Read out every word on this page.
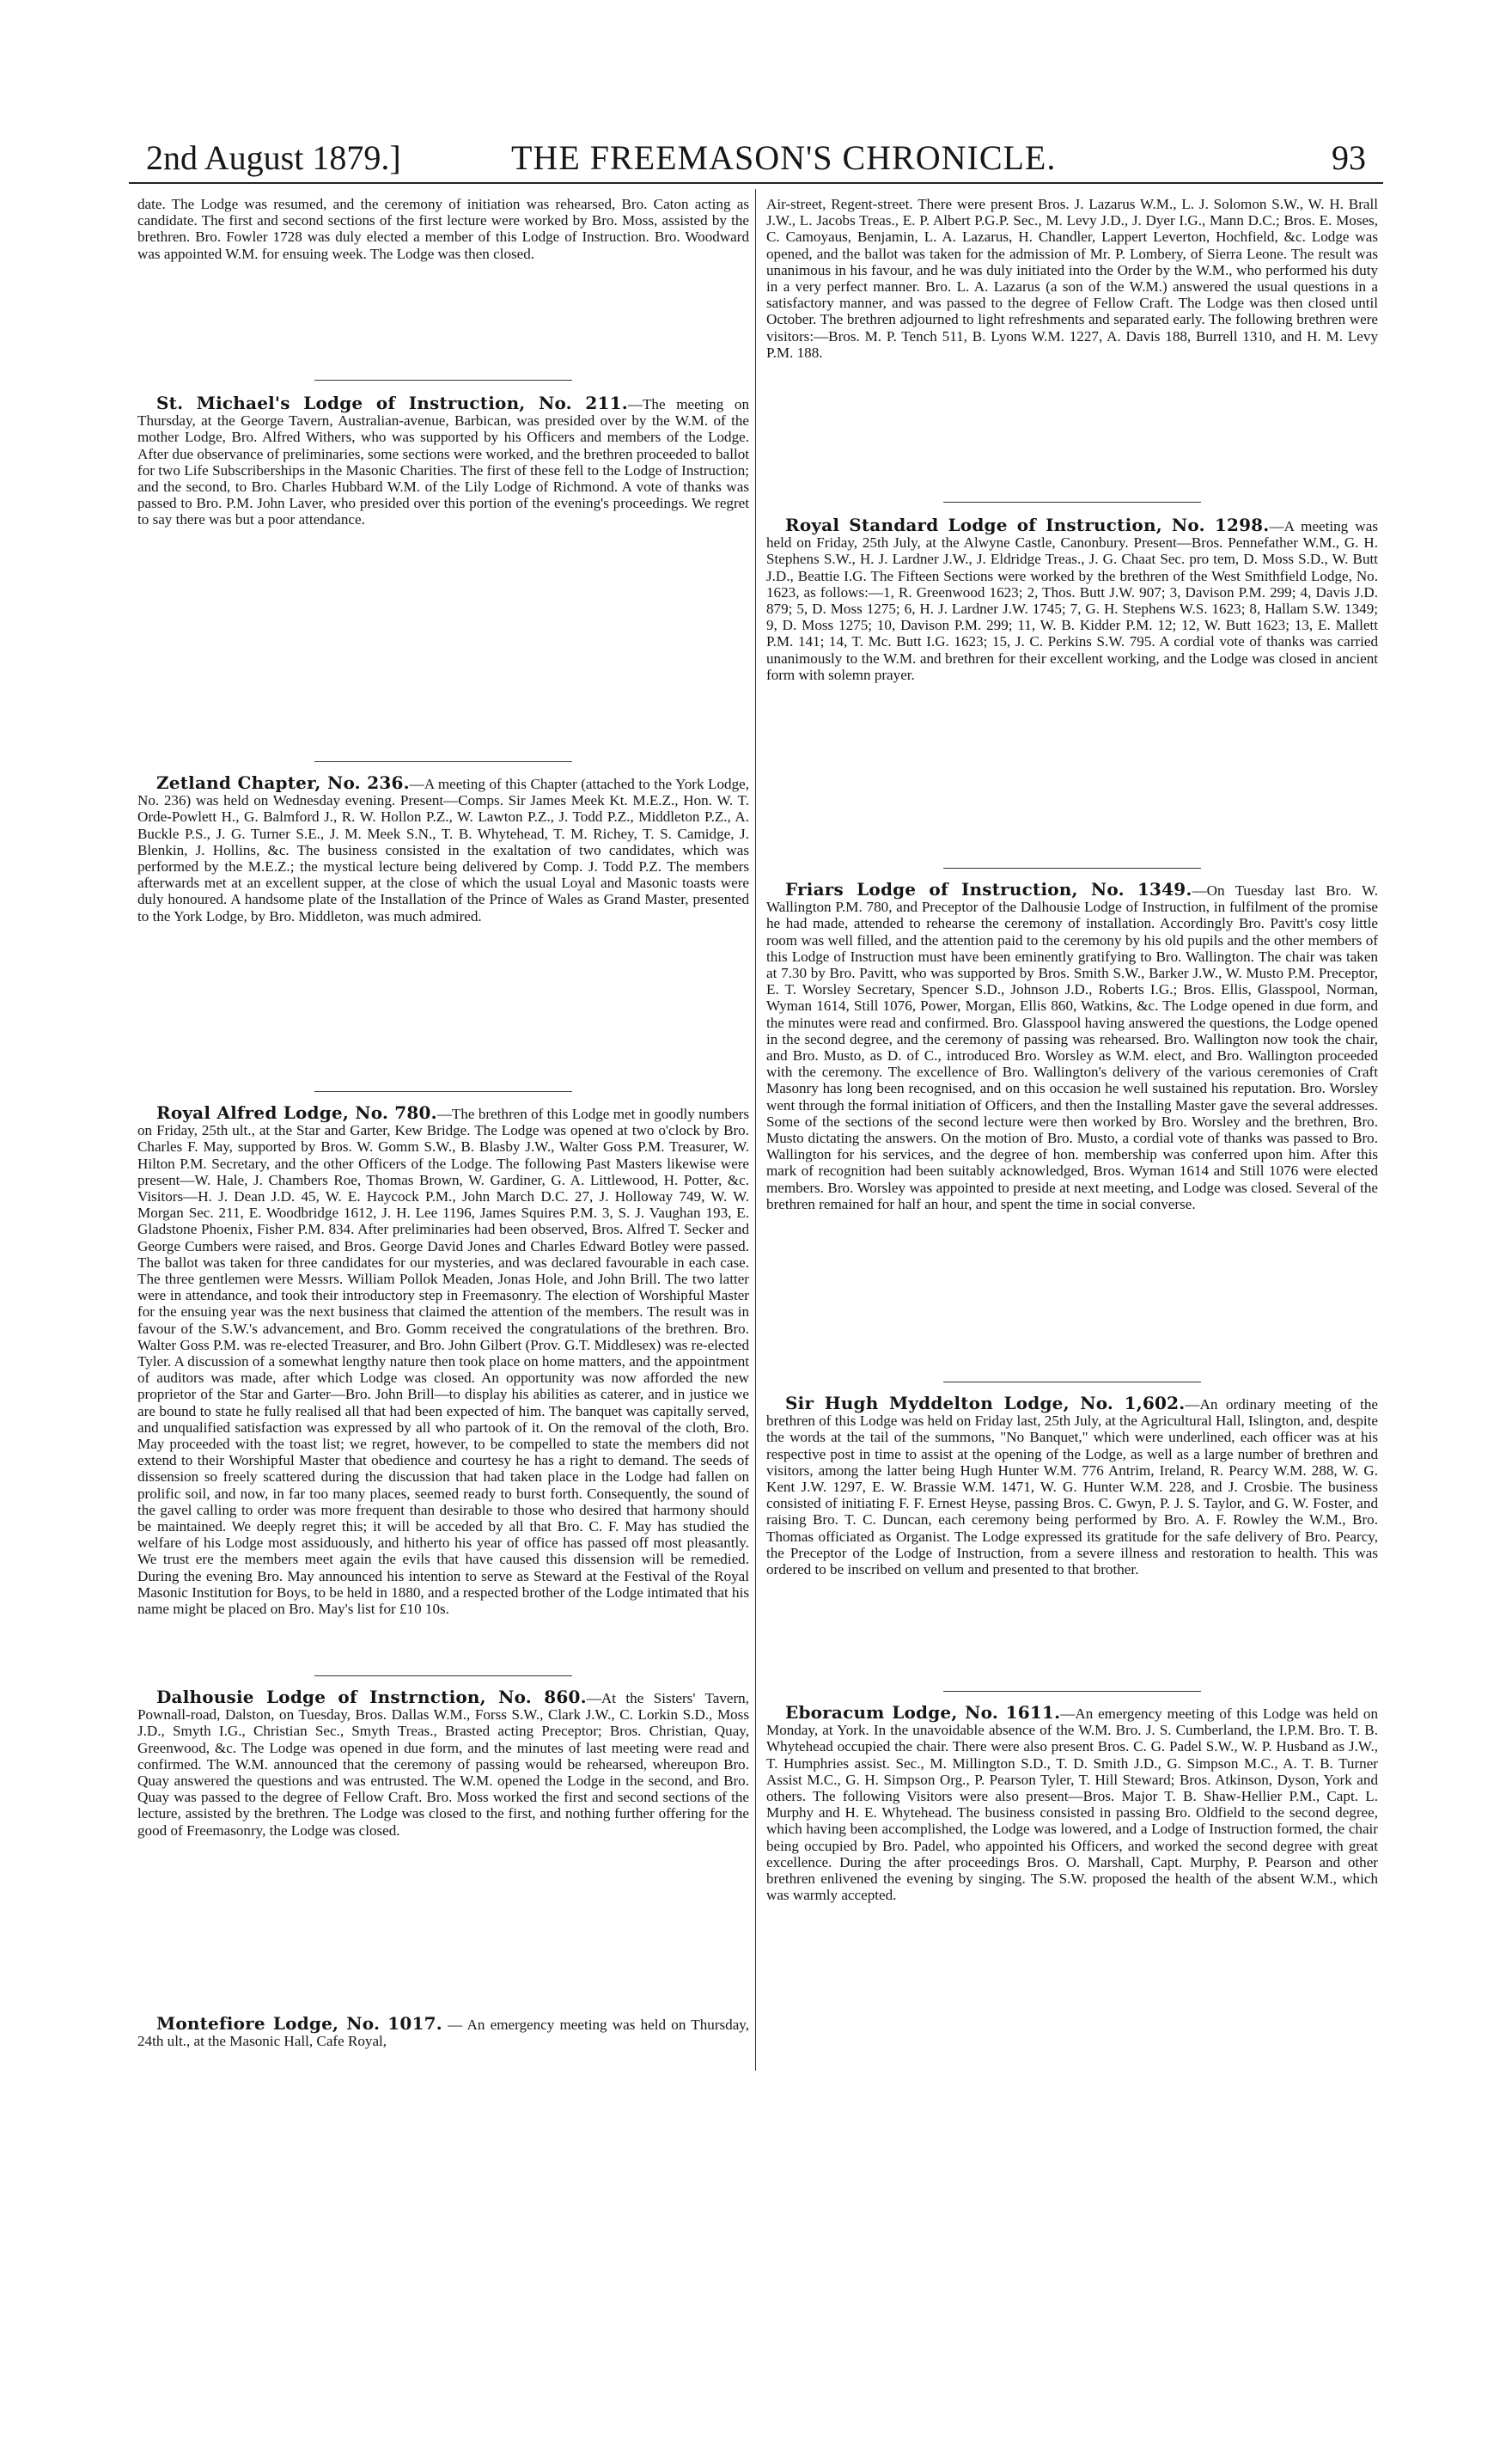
2nd August 1879.]	THE FREEMASON'S CHRONICLE.	93

date. The Lodge was resumed, and the ceremony of initiation was rehearsed, Bro. Caton acting as candidate. The first and second sections of the first lecture were worked by Bro. Moss, assisted by the brethren. Bro. Fowler 1728 was duly elected a member of this Lodge of Instruction. Bro. Woodward was appointed W.M. for ensuing week. The Lodge was then closed.

St. Michael's Lodge of Instruction, No. 211.—The meeting on Thursday, at the George Tavern, Australian-avenue, Barbican, was presided over by the W.M. of the mother Lodge, Bro. Alfred Withers, who was supported by his Officers and members of the Lodge. After due observance of preliminaries, some sections were worked, and the brethren proceeded to ballot for two Life Subscriberships in the Masonic Charities. The first of these fell to the Lodge of Instruction; and the second, to Bro. Charles Hubbard W.M. of the Lily Lodge of Richmond. A vote of thanks was passed to Bro. P.M. John Laver, who presided over this portion of the evening's proceedings. We regret to say there was but a poor attendance.

Zetland Chapter, No. 236.—A meeting of this Chapter (attached to the York Lodge, No. 236) was held on Wednesday evening. Present—Comps. Sir James Meek Kt. M.E.Z., Hon. W. T. Orde-Powlett H., G. Balmford J., R. W. Hollon P.Z., W. Lawton P.Z., J. Todd P.Z., Middleton P.Z., A. Buckle P.S., J. G. Turner S.E., J. M. Meek S.N., T. B. Whytehead, T. M. Richey, T. S. Camidge, J. Blenkin, J. Hollins, &c. The business consisted in the exaltation of two candidates, which was performed by the M.E.Z.; the mystical lecture being delivered by Comp. J. Todd P.Z. The members afterwards met at an excellent supper, at the close of which the usual Loyal and Masonic toasts were duly honoured. A handsome plate of the Installation of the Prince of Wales as Grand Master, presented to the York Lodge, by Bro. Middleton, was much admired.

Royal Alfred Lodge, No. 780.—The brethren of this Lodge met in goodly numbers on Friday, 25th ult., at the Star and Garter, Kew Bridge. The Lodge was opened at two o'clock by Bro. Charles F. May, supported by Bros. W. Gomm S.W., B. Blasby J.W., Walter Goss P.M. Treasurer, W. Hilton P.M. Secretary, and the other Officers of the Lodge. The following Past Masters likewise were present—W. Hale, J. Chambers Roe, Thomas Brown, W. Gardiner, G. A. Littlewood, H. Potter, &c. Visitors—H. J. Dean J.D. 45, W. E. Haycock P.M., John March D.C. 27, J. Holloway 749, W. W. Morgan Sec. 211, E. Woodbridge 1612, J. H. Lee 1196, James Squires P.M. 3, S. J. Vaughan 193, E. Gladstone Phoenix, Fisher P.M. 834. After preliminaries had been observed, Bros. Alfred T. Secker and George Cumbers were raised, and Bros. George David Jones and Charles Edward Botley were passed. The ballot was taken for three candidates for our mysteries, and was declared favourable in each case. The three gentlemen were Messrs. William Pollok Meaden, Jonas Hole, and John Brill. The two latter were in attendance, and took their introductory step in Freemasonry. The election of Worshipful Master for the ensuing year was the next business that claimed the attention of the members. The result was in favour of the S.W.'s advancement, and Bro. Gomm received the congratulations of the brethren. Bro. Walter Goss P.M. was re-elected Treasurer, and Bro. John Gilbert (Prov. G.T. Middlesex) was re-elected Tyler. A discussion of a somewhat lengthy nature then took place on home matters, and the appointment of auditors was made, after which Lodge was closed. An opportunity was now afforded the new proprietor of the Star and Garter—Bro. John Brill—to display his abilities as caterer, and in justice we are bound to state he fully realised all that had been expected of him. The banquet was capitally served, and unqualified satisfaction was expressed by all who partook of it. On the removal of the cloth, Bro. May proceeded with the toast list; we regret, however, to be compelled to state the members did not extend to their Worshipful Master that obedience and courtesy he has a right to demand. The seeds of dissension so freely scattered during the discussion that had taken place in the Lodge had fallen on prolific soil, and now, in far too many places, seemed ready to burst forth. Consequently, the sound of the gavel calling to order was more frequent than desirable to those who desired that harmony should be maintained. We deeply regret this; it will be acceded by all that Bro. C. F. May has studied the welfare of his Lodge most assiduously, and hitherto his year of office has passed off most pleasantly. We trust ere the members meet again the evils that have caused this dissension will be remedied. During the evening Bro. May announced his intention to serve as Steward at the Festival of the Royal Masonic Institution for Boys, to be held in 1880, and a respected brother of the Lodge intimated that his name might be placed on Bro. May's list for £10 10s.

Dalhousie Lodge of Instrnction, No. 860.—At the Sisters' Tavern, Pownall-road, Dalston, on Tuesday, Bros. Dallas W.M., Forss S.W., Clark J.W., C. Lorkin S.D., Moss J.D., Smyth I.G., Christian Sec., Smyth Treas., Brasted acting Preceptor; Bros. Christian, Quay, Greenwood, &c. The Lodge was opened in due form, and the minutes of last meeting were read and confirmed. The W.M. announced that the ceremony of passing would be rehearsed, whereupon Bro. Quay answered the questions and was entrusted. The W.M. opened the Lodge in the second, and Bro. Quay was passed to the degree of Fellow Craft. Bro. Moss worked the first and second sections of the lecture, assisted by the brethren. The Lodge was closed to the first, and nothing further offering for the good of Freemasonry, the Lodge was closed.

Montefiore Lodge, No. 1017. — An emergency meeting was held on Thursday, 24th ult., at the Masonic Hall, Cafe Royal,

Air-street, Regent-street. There were present Bros. J. Lazarus W.M., L. J. Solomon S.W., W. H. Brall J.W., L. Jacobs Treas., E. P. Albert P.G.P. Sec., M. Levy J.D., J. Dyer I.G., Mann D.C.; Bros. E. Moses, C. Camoyaus, Benjamin, L. A. Lazarus, H. Chandler, Lappert Leverton, Hochfield, &c. Lodge was opened, and the ballot was taken for the admission of Mr. P. Lombery, of Sierra Leone. The result was unanimous in his favour, and he was duly initiated into the Order by the W.M., who performed his duty in a very perfect manner. Bro. L. A. Lazarus (a son of the W.M.) answered the usual questions in a satisfactory manner, and was passed to the degree of Fellow Craft. The Lodge was then closed until October. The brethren adjourned to light refreshments and separated early. The following brethren were visitors:—Bros. M. P. Tench 511, B. Lyons W.M. 1227, A. Davis 188, Burrell 1310, and H. M. Levy P.M. 188.

Royal Standard Lodge of Instruction, No. 1298.—A meeting was held on Friday, 25th July, at the Alwyne Castle, Canonbury. Present—Bros. Pennefather W.M., G. H. Stephens S.W., H. J. Lardner J.W., J. Eldridge Treas., J. G. Chaat Sec. pro tem, D. Moss S.D., W. Butt J.D., Beattie I.G. The Fifteen Sections were worked by the brethren of the West Smithfield Lodge, No. 1623, as follows:—1, R. Greenwood 1623; 2, Thos. Butt J.W. 907; 3, Davison P.M. 299; 4, Davis J.D. 879; 5, D. Moss 1275; 6, H. J. Lardner J.W. 1745; 7, G. H. Stephens W.S. 1623; 8, Hallam S.W. 1349; 9, D. Moss 1275; 10, Davison P.M. 299; 11, W. B. Kidder P.M. 12; 12, W. Butt 1623; 13, E. Mallett P.M. 141; 14, T. Mc. Butt I.G. 1623; 15, J. C. Perkins S.W. 795. A cordial vote of thanks was carried unanimously to the W.M. and brethren for their excellent working, and the Lodge was closed in ancient form with solemn prayer.

Friars Lodge of Instruction, No. 1349.—On Tuesday last Bro. W. Wallington P.M. 780, and Preceptor of the Dalhousie Lodge of Instruction, in fulfilment of the promise he had made, attended to rehearse the ceremony of installation. Accordingly Bro. Pavitt's cosy little room was well filled, and the attention paid to the ceremony by his old pupils and the other members of this Lodge of Instruction must have been eminently gratifying to Bro. Wallington. The chair was taken at 7.30 by Bro. Pavitt, who was supported by Bros. Smith S.W., Barker J.W., W. Musto P.M. Preceptor, E. T. Worsley Secretary, Spencer S.D., Johnson J.D., Roberts I.G.; Bros. Ellis, Glasspool, Norman, Wyman 1614, Still 1076, Power, Morgan, Ellis 860, Watkins, &c. The Lodge opened in due form, and the minutes were read and confirmed. Bro. Glasspool having answered the questions, the Lodge opened in the second degree, and the ceremony of passing was rehearsed. Bro. Wallington now took the chair, and Bro. Musto, as D. of C., introduced Bro. Worsley as W.M. elect, and Bro. Wallington proceeded with the ceremony. The excellence of Bro. Wallington's delivery of the various ceremonies of Craft Masonry has long been recognised, and on this occasion he well sustained his reputation. Bro. Worsley went through the formal initiation of Officers, and then the Installing Master gave the several addresses. Some of the sections of the second lecture were then worked by Bro. Worsley and the brethren, Bro. Musto dictating the answers. On the motion of Bro. Musto, a cordial vote of thanks was passed to Bro. Wallington for his services, and the degree of hon. membership was conferred upon him. After this mark of recognition had been suitably acknowledged, Bros. Wyman 1614 and Still 1076 were elected members. Bro. Worsley was appointed to preside at next meeting, and Lodge was closed. Several of the brethren remained for half an hour, and spent the time in social converse.

Sir Hugh Myddelton Lodge, No. 1,602.—An ordinary meeting of the brethren of this Lodge was held on Friday last, 25th July, at the Agricultural Hall, Islington, and, despite the words at the tail of the summons, "No Banquet," which were underlined, each officer was at his respective post in time to assist at the opening of the Lodge, as well as a large number of brethren and visitors, among the latter being Hugh Hunter W.M. 776 Antrim, Ireland, R. Pearcy W.M. 288, W. G. Kent J.W. 1297, E. W. Brassie W.M. 1471, W. G. Hunter W.M. 228, and J. Crosbie. The business consisted of initiating F. F. Ernest Heyse, passing Bros. C. Gwyn, P. J. S. Taylor, and G. W. Foster, and raising Bro. T. C. Duncan, each ceremony being performed by Bro. A. F. Rowley the W.M., Bro. Thomas officiated as Organist. The Lodge expressed its gratitude for the safe delivery of Bro. Pearcy, the Preceptor of the Lodge of Instruction, from a severe illness and restoration to health. This was ordered to be inscribed on vellum and presented to that brother.

Eboracum Lodge, No. 1611.—An emergency meeting of this Lodge was held on Monday, at York. In the unavoidable absence of the W.M. Bro. J. S. Cumberland, the I.P.M. Bro. T. B. Whytehead occupied the chair. There were also present Bros. C. G. Padel S.W., W. P. Husband as J.W., T. Humphries assist. Sec., M. Millington S.D., T. D. Smith J.D., G. Simpson M.C., A. T. B. Turner Assist M.C., G. H. Simpson Org., P. Pearson Tyler, T. Hill Steward; Bros. Atkinson, Dyson, York and others. The following Visitors were also present—Bros. Major T. B. Shaw-Hellier P.M., Capt. L. Murphy and H. E. Whytehead. The business consisted in passing Bro. Oldfield to the second degree, which having been accomplished, the Lodge was lowered, and a Lodge of Instruction formed, the chair being occupied by Bro. Padel, who appointed his Officers, and worked the second degree with great excellence. During the after proceedings Bros. O. Marshall, Capt. Murphy, P. Pearson and other brethren enlivened the evening by singing. The S.W. proposed the health of the absent W.M., which was warmly accepted.
